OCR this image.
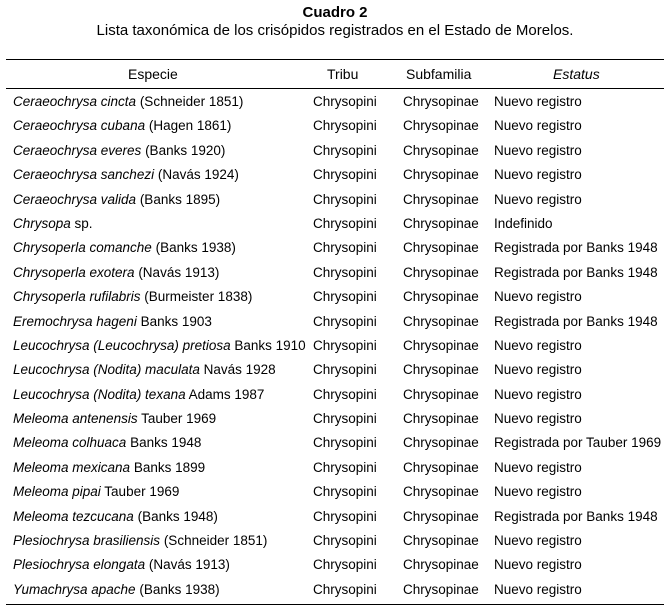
Cuadro 2
Lista taxonómica de los crisópidos registrados en el Estado de Morelos.
Especie	Tribu	Subfamilia	Estatus
Ceraeochrysa cincta (Schneider 1851)	Chrysopini Chrysopinae Nuevo registro
Ceraeochrysa cubana (Hagen 1861)	Chrysopini Chrysopinae Nuevo registro
Ceraeochrysa everes (Banks 1920)	Chrysopini Chrysopinae Nuevo registro
Ceraeochrysa sanchezi (Navás 1924)	Chrysopini Chrysopinae Nuevo registro
Ceraeochrysa valida (Banks 1895)	Chrysopini Chrysopinae Nuevo registro
Chrysopa sp.	Chrysopini Chrysopinae Indefinido
Chrysoperla comanche (Banks 1938)	Chrysopini Chrysopinae Registrada por Banks 1948
Chrysoperla exotera (Navás 1913)	Chrysopini Chrysopinae Registrada por Banks 1948
Chrysoperla rufilabris (Burmeister 1838)	Chrysopini Chrysopinae Nuevo registro
Eremochrysa hageni Banks 1903	Chrysopini Chrysopinae Registrada por Banks 1948
Leucochrysa (Leucochrysa) pretiosa Banks 1910 Chrysopini Chrysopinae Nuevo registro
Leucochrysa (Nodita) maculata Navás 1928	Chrysopini Chrysopinae Nuevo registro
Leucochrysa (Nodita) texana Adams 1987	Chrysopini Chrysopinae Nuevo registro
Meleoma antenensis Tauber 1969	Chrysopini Chrysopinae Nuevo registro
Meleoma colhuaca Banks 1948	Chrysopini Chrysopinae Registrada por Tauber 1969
Meleoma mexicana Banks 1899	Chrysopini Chrysopinae Nuevo registro
Meleoma pipai Tauber 1969	Chrysopini Chrysopinae Nuevo registro
Meleoma tezcucana (Banks 1948)	Chrysopini Chrysopinae Registrada por Banks 1948
Plesiochrysa brasiliensis (Schneider 1851)	Chrysopini Chrysopinae Nuevo registro
Plesiochrysa elongata (Navás 1913)	Chrysopini Chrysopinae Nuevo registro
Yumachrysa apache (Banks 1938)	Chrysopini Chrysopinae Nuevo registro
